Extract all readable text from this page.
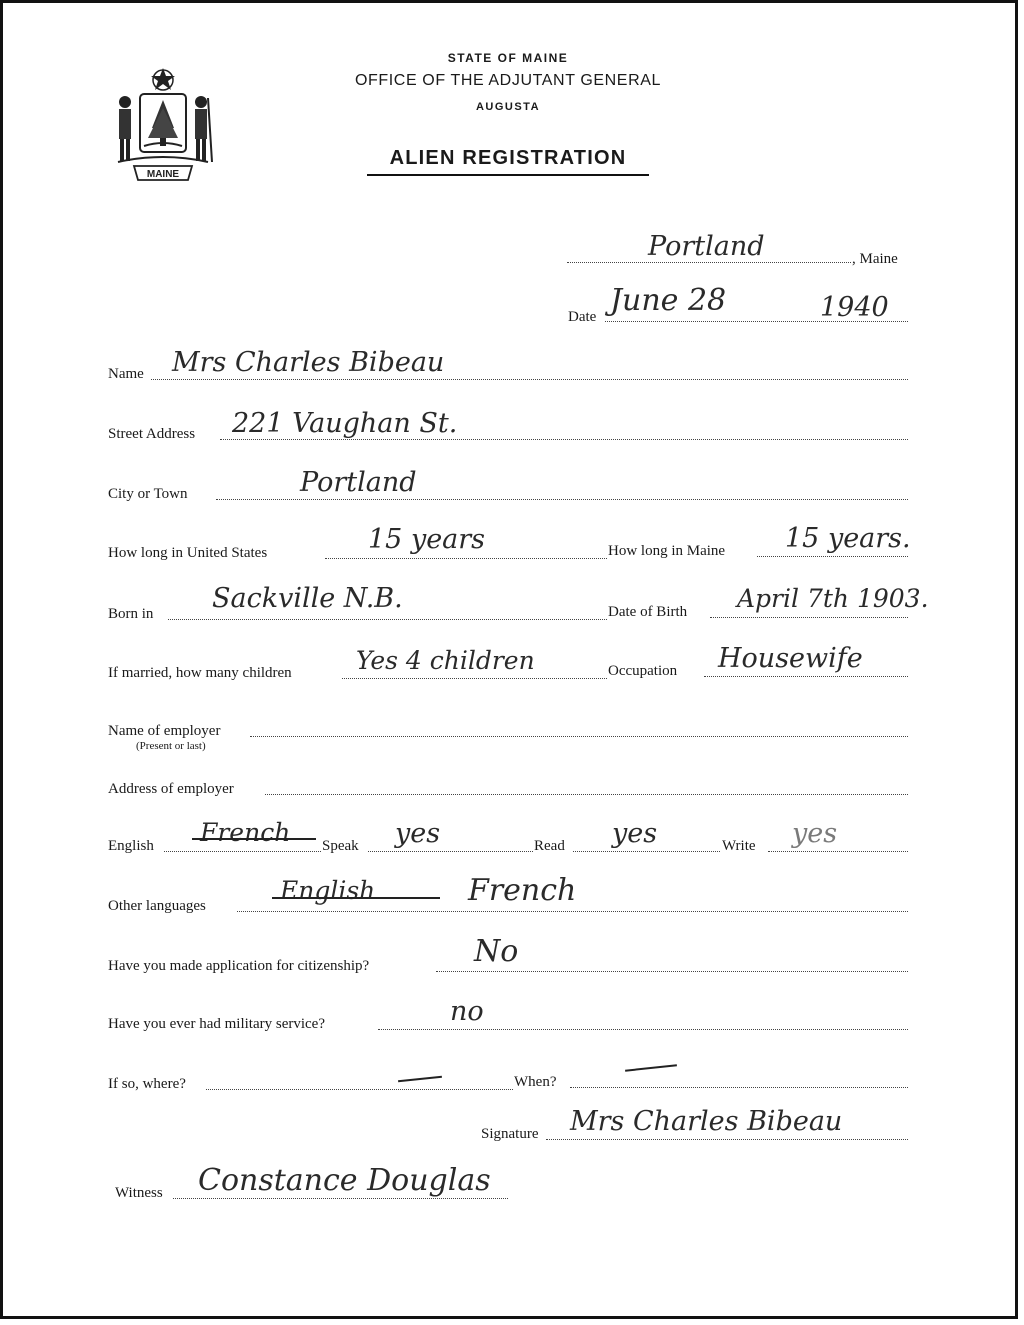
MAINE
STATE OF MAINE
OFFICE OF THE ADJUTANT GENERAL
AUGUSTA
ALIEN REGISTRATION
Portland	, Maine
Date June 28	1940
Name Mrs Charles Bibeau
Street Address 221 Vaughan St.
City or Town	Portland
How long in United States	15 years	How long in Maine 15 years.
Born in Sackville N.B.	Date of Birth April 7th 1903.
If married, how many children	Yes 4 children	Occupation Housewife
Name of employer
(Present or last)
Address of employer
English French Speak yes	Read yes	Write yes
Other languages
English	French
Have you made application for citizenship?	No
Have you ever had military service?	no
If so, where?	When?
Signature Mrs Charles Bibeau
Witness Constance Douglas
